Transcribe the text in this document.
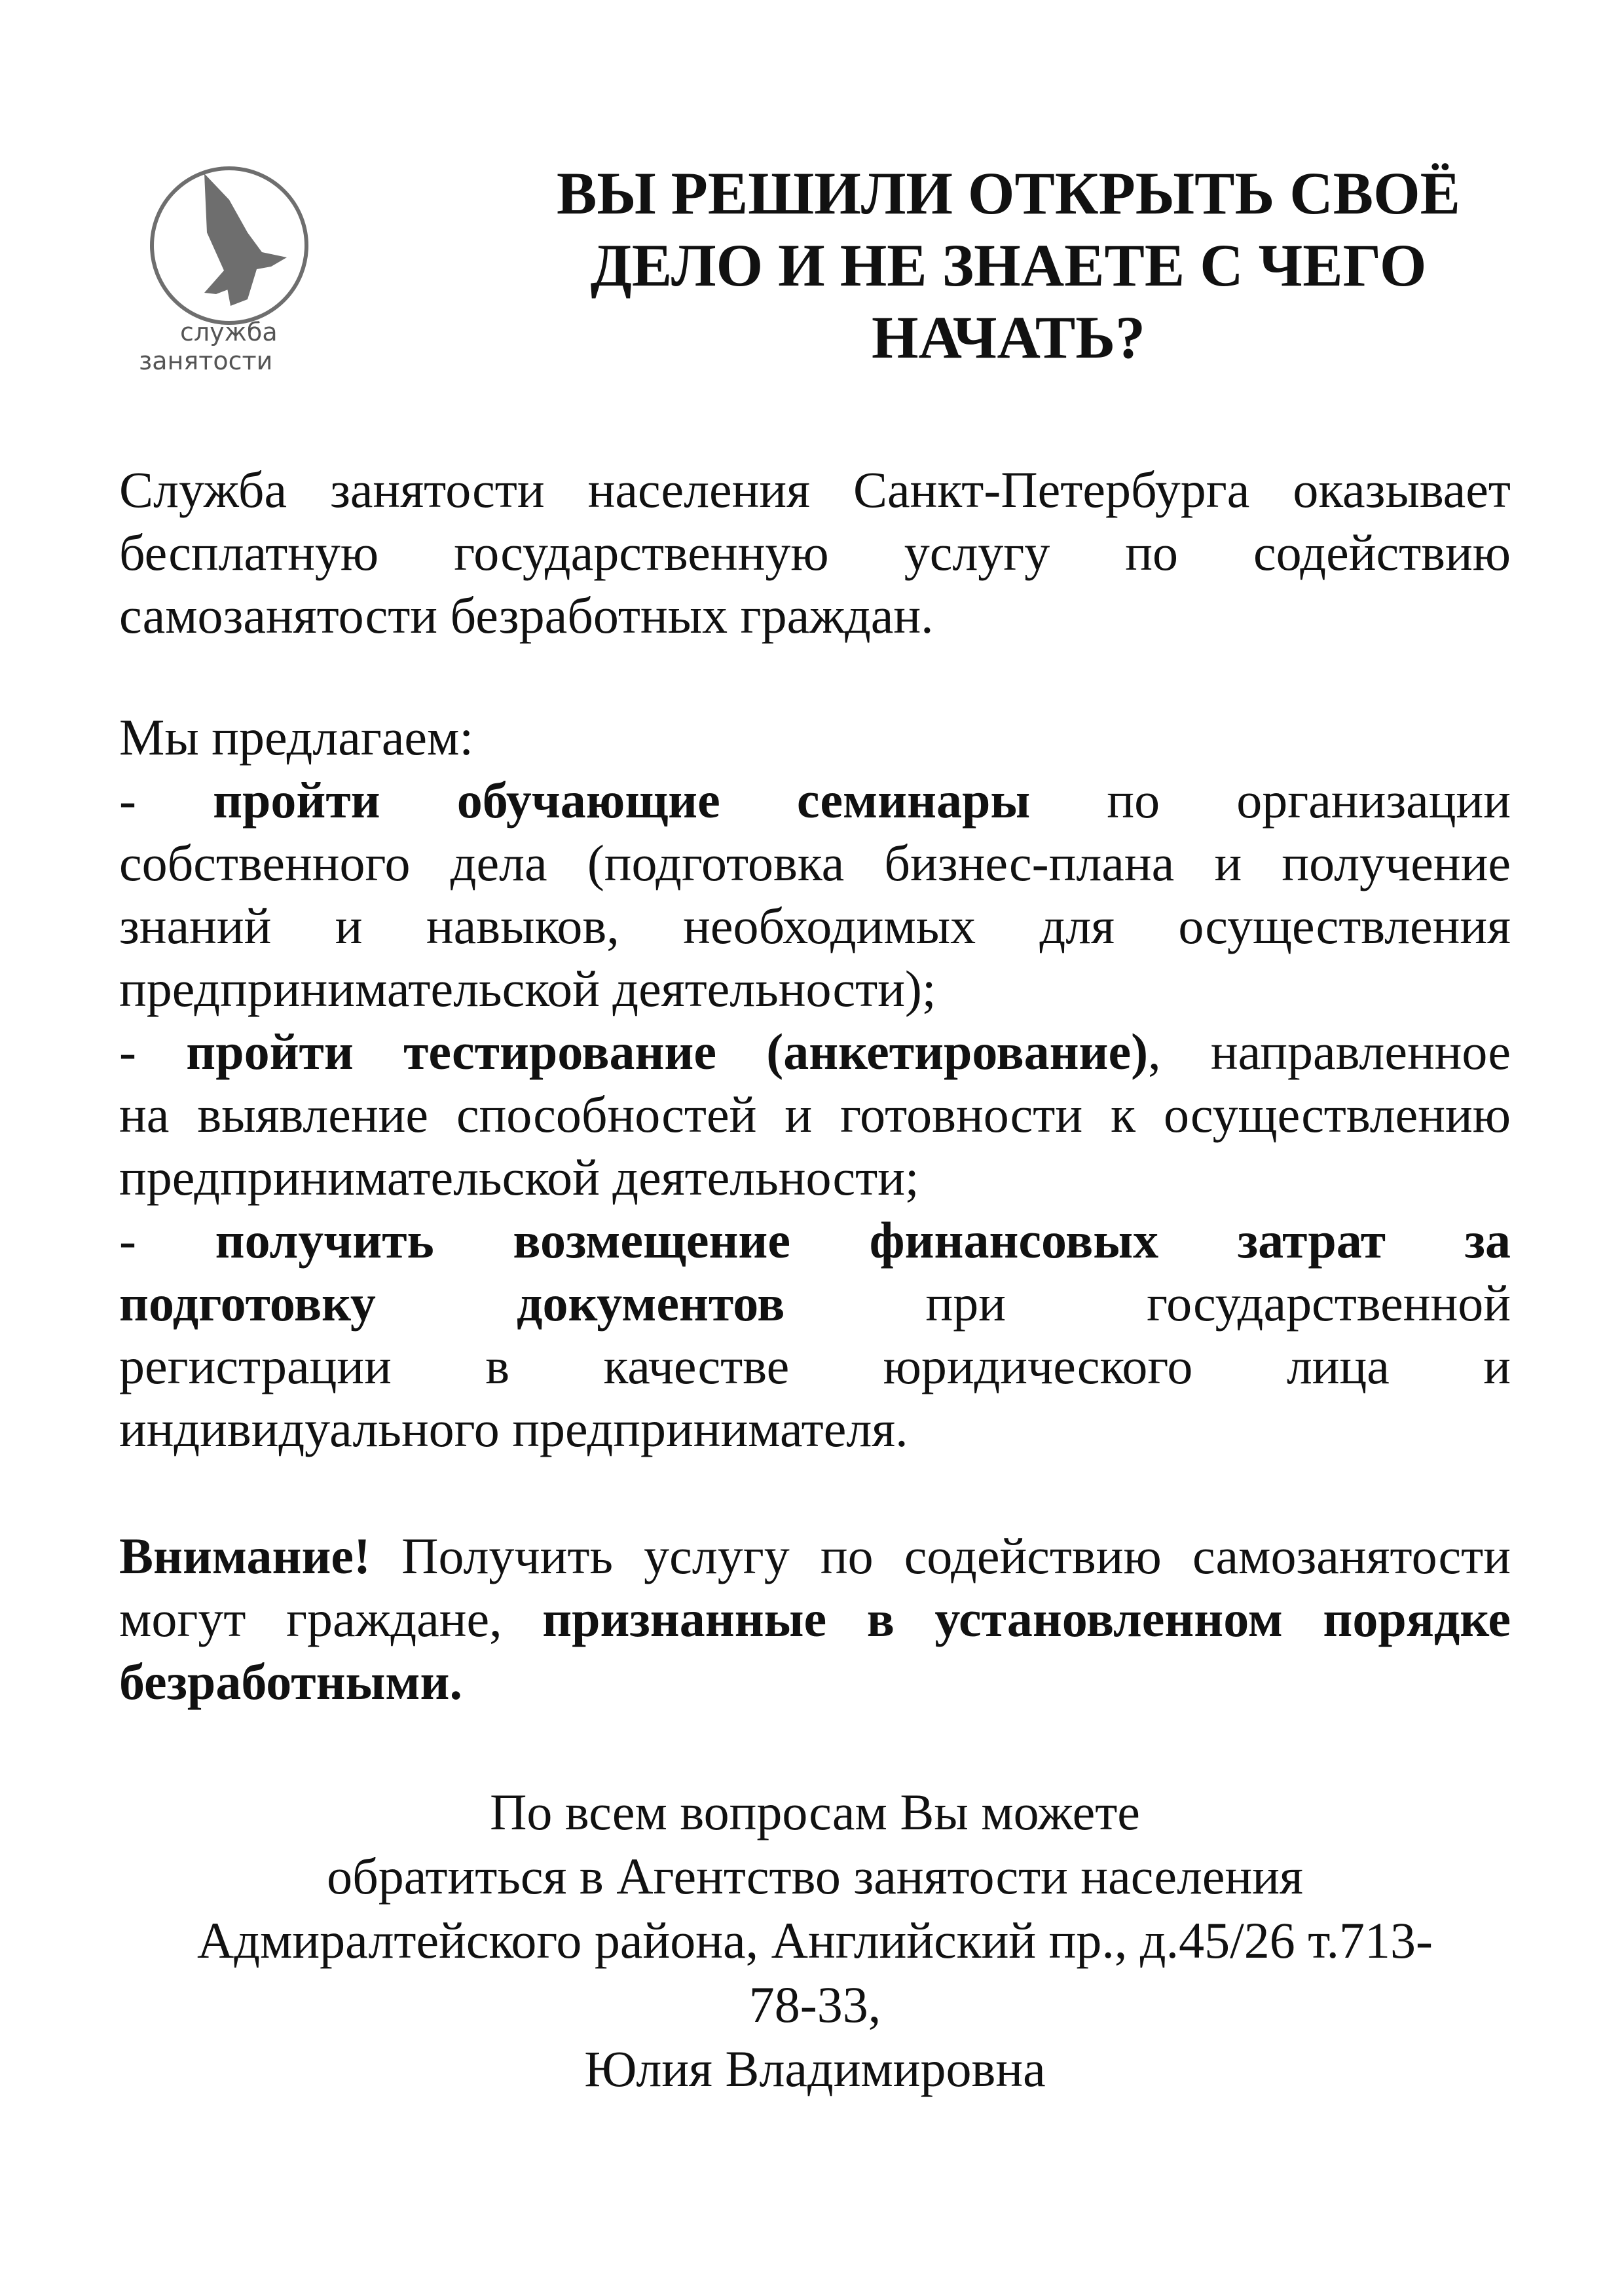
служба
занятости
ВЫ РЕШИЛИ ОТКРЫТЬ СВОЁ
ДЕЛО И НЕ ЗНАЕТЕ С ЧЕГО
НАЧАТЬ?
Служба занятости населения Санкт-Петербурга оказывает
бесплатную государственную услугу по содействию
самозанятости безработных граждан.
Мы предлагаем:
- пройти обучающие семинары по организации
собственного дела (подготовка бизнес-плана и получение
знаний и навыков, необходимых для осуществления
предпринимательской деятельности);
- пройти тестирование (анкетирование), направленное
на выявление способностей и готовности к осуществлению
предпринимательской деятельности;
- получить возмещение финансовых затрат за
подготовку документов	при государственной
регистрации в качестве юридического лица и
индивидуального предпринимателя.
Внимание! Получить услугу по содействию самозанятости
могут граждане, признанные в установленном порядке
безработными.
По всем вопросам Вы можете
обратиться в Агентство занятости населения
Адмиралтейского района, Английский пр., д.45/26 т.713-
78-33,
Юлия Владимировна
